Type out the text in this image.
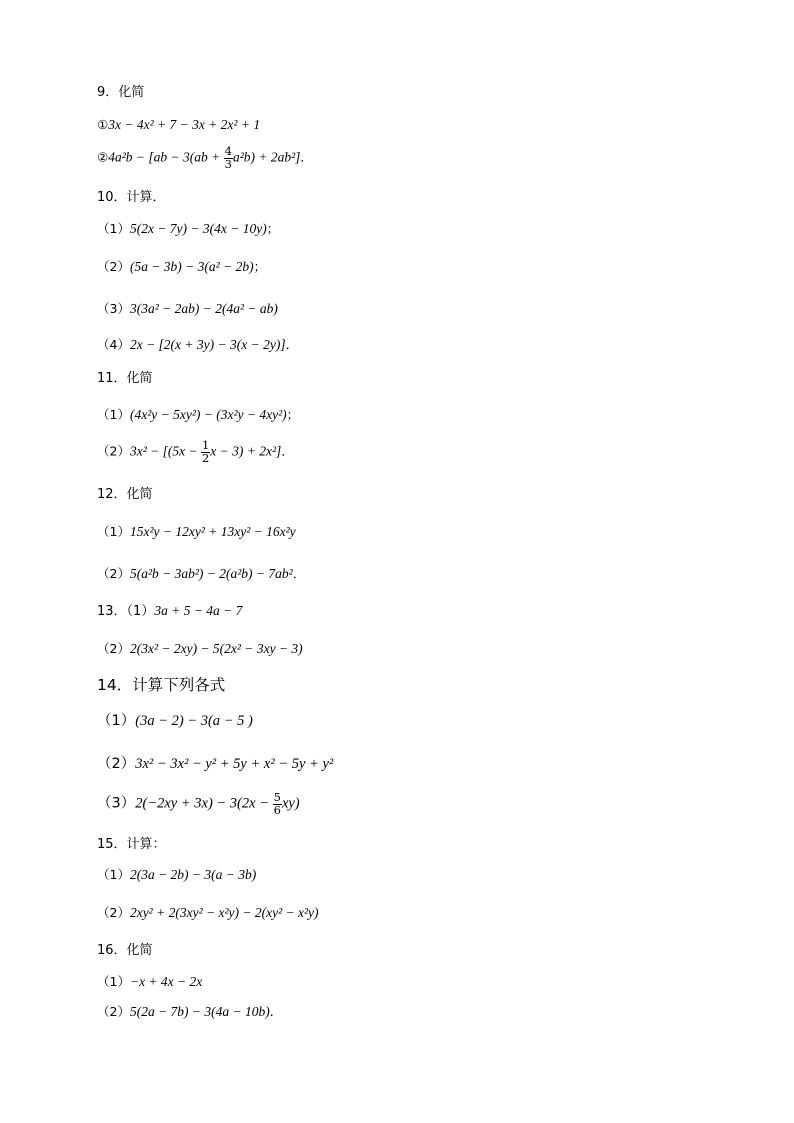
9．化简
①3x − 4x² + 7 − 3x + 2x² + 1
②4a²b − $[ab - 3(ab + \frac{4}{3} a^2b) + 2ab^2]$．
10．计算．
（1）5(2x − 7y) − 3(4x − 10y)；
（2）(5a − 3b) − 3(a² − 2b)；
（3）3(3a² − 2ab) − 2(4a² − ab)
（4）2x − [2(x + 3y) − 3(x − 2y)]．
11．化简
（1）(4x²y − 5xy²) − (3x²y − 4xy²)；
$(2)3x^2 - [(5x - \frac{1}{2}$ x − 3) + 2x²]．
12．化简
（1）15x²y − 12xy² + 13xy² − 16x²y
（2）5(a²b − 3ab²) − 2(a²b) − 7ab²．
13．（1）3a + 5 − 4a − 7
（2）2(3x² − 2xy) − 5(2x² − 3xy − 3)
14．计算下列各式
（1）(3a − 2) − 3(a − 5 )
（2）3x² − 3x² − y² + 5y + x² − 5y + y²
$(3)2(-2xy + 3x) - 3(2x - \frac{5}{6} xy)$
15．计算：
（1）2(3a − 2b) − 3(a − 3b)
（2）2xy² + 2(3xy² − x²y) − 2(xy² − x²y)
16．化简
（1）−x + 4x − 2x
（2）5(2a − 7b) − 3(4a − 10b)．
